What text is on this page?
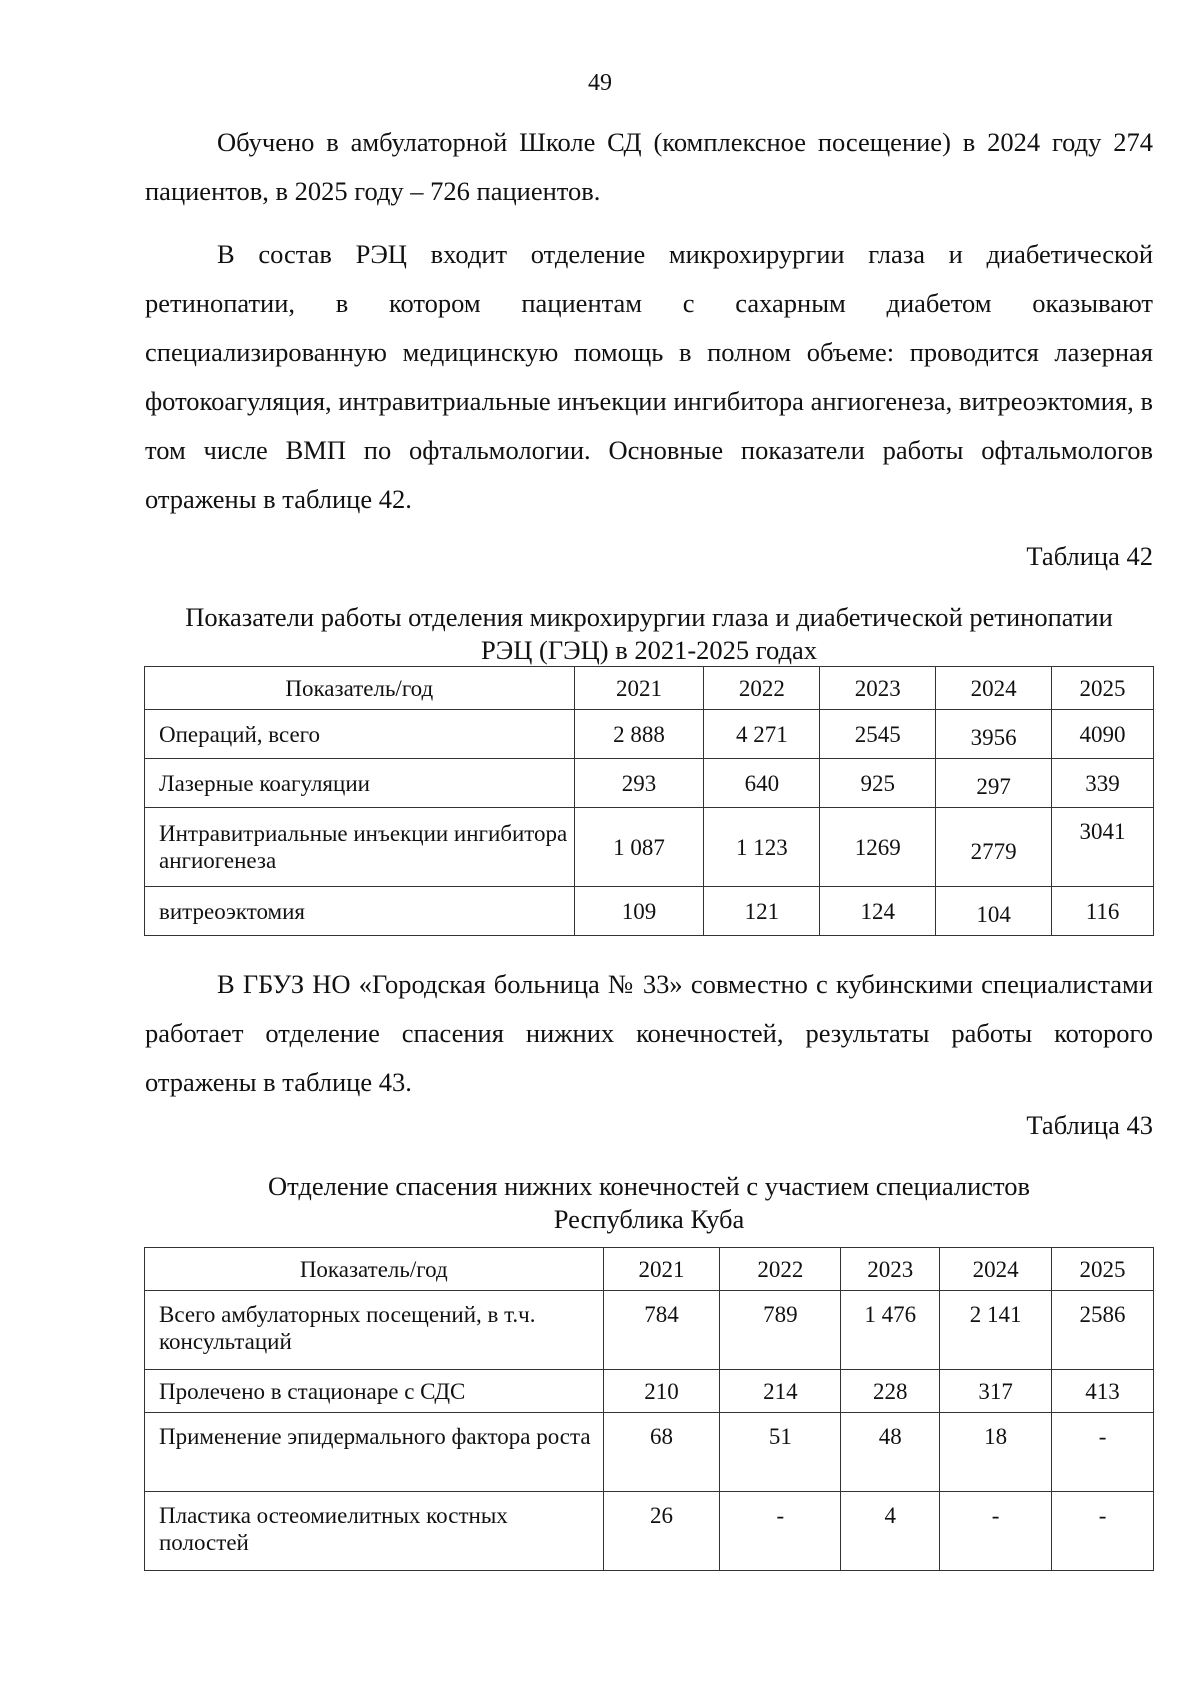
49

Обучено в амбулаторной Школе СД (комплексное посещение) в 2024 году 274 пациентов, в 2025 году – 726 пациентов.

В состав РЭЦ входит отделение микрохирургии глаза и диабетической ретинопатии, в котором пациентам с сахарным диабетом оказывают специализированную медицинскую помощь в полном объеме: проводится лазерная фотокоагуляция, интравитриальные инъекции ингибитора ангиогенеза, витреоэктомия, в том числе ВМП по офтальмологии. Основные показатели работы офтальмологов отражены в таблице 42.

Таблица 42
Показатели работы отделения микрохирургии глаза и диабетической ретинопатии
РЭЦ (ГЭЦ) в 2021-2025 годах
Показатель/год	2021	2022	2023	2024	2025
Операций, всего	2 888	4 271	2545	3956	4090
Лазерные коагуляции	293	640	925	297	339
Интравитриальные инъекции ингибитора ангиогенеза	1 087	1 123	1269	2779	3041
витреоэктомия	109	121	124	104	116

В ГБУЗ НО «Городская больница № 33» совместно с кубинскими специалистами работает отделение спасения нижних конечностей, результаты работы которого отражены в таблице 43.

Таблица 43
Отделение спасения нижних конечностей с участием специалистов
Республика Куба
Показатель/год	2021	2022	2023	2024	2025
Всего амбулаторных посещений, в т.ч. консультаций	784	789	1 476	2 141	2586
Пролечено в стационаре с СДС	210	214	228	317	413
Применение эпидермального фактора роста	68	51	48	18	-
Пластика остеомиелитных костных полостей	26	-	4	-	-
